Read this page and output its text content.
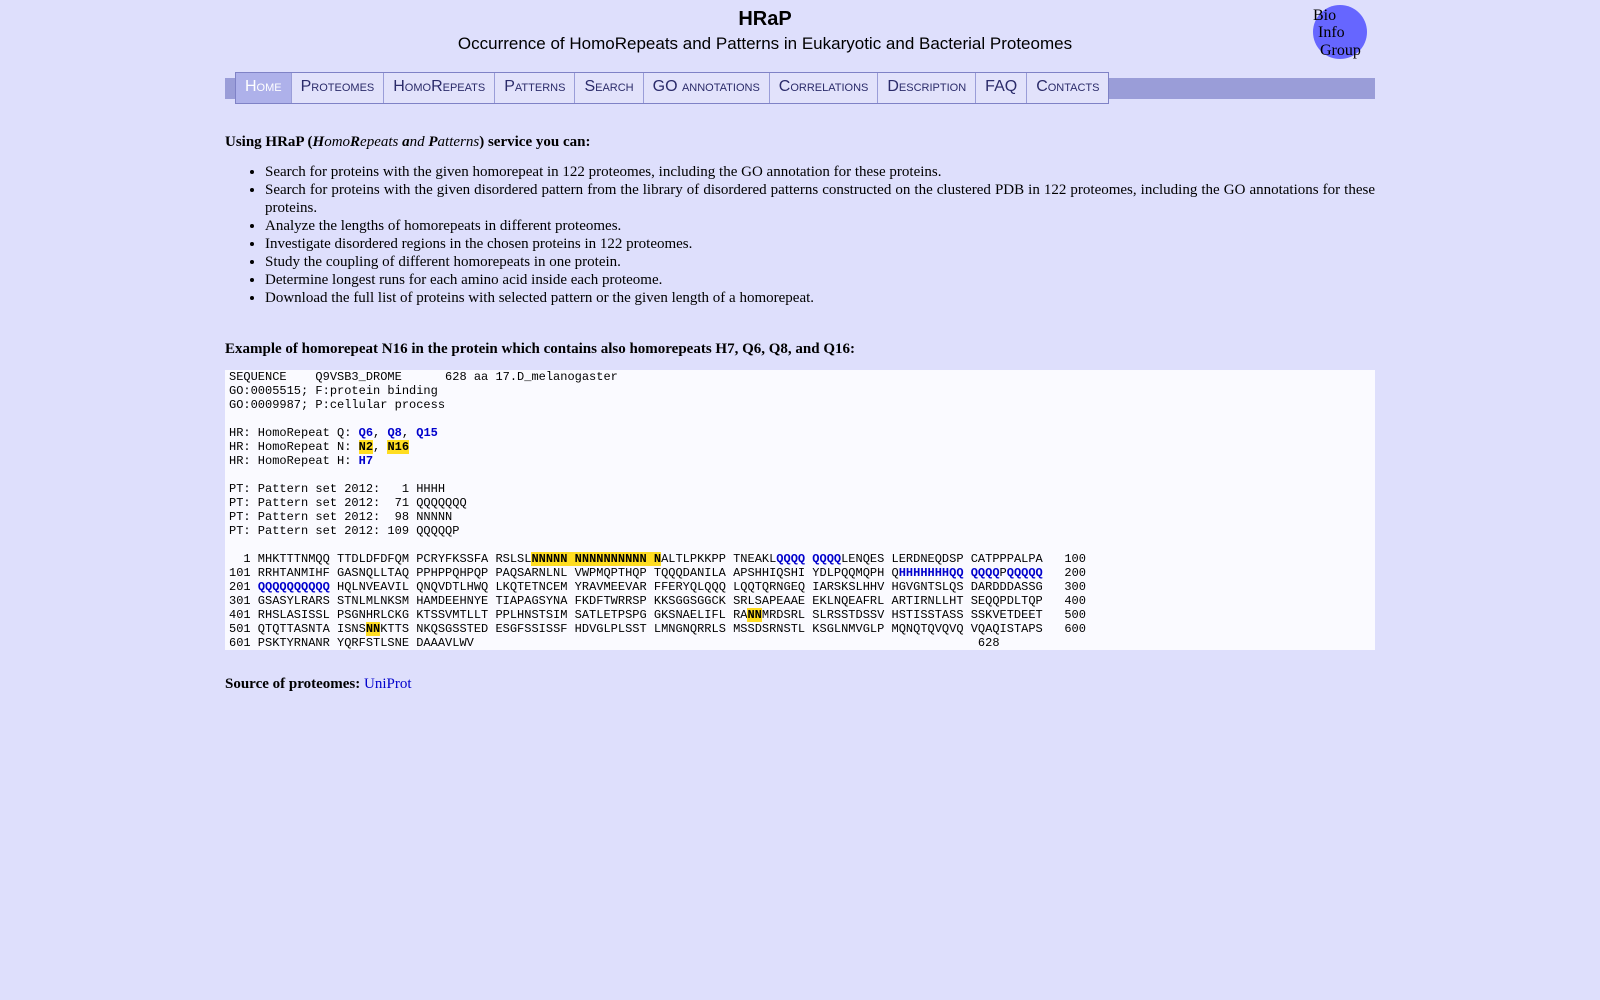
HRaP
Occurrence of HomoRepeats and Patterns in Eukaryotic and Bacterial Proteomes
Bio
Info
Group
Home	Proteomes	HomoRepeats	Patterns	Search	GO annotations	Correlations	Description	FAQ	Contacts
Using HRaP (HomoRepeats and Patterns) service you can:
• Search for proteins with the given homorepeat in 122 proteomes, including the GO annotation for these proteins.
• Search for proteins with the given disordered pattern from the library of disordered patterns constructed on the clustered PDB in 122 proteomes, including the GO annotations for these proteins.
• Analyze the lengths of homorepeats in different proteomes.
• Investigate disordered regions in the chosen proteins in 122 proteomes.
• Study the coupling of different homorepeats in one protein.
• Determine longest runs for each amino acid inside each proteome.
• Download the full list of proteins with selected pattern or the given length of a homorepeat.
Example of homorepeat N16 in the protein which contains also homorepeats H7, Q6, Q8, and Q16:
SEQUENCE    Q9VSB3_DROME      628 aa 17.D_melanogaster
GO:0005515; F:protein binding
GO:0009987; P:cellular process

HR: HomoRepeat Q: Q6, Q8, Q15
HR: HomoRepeat N: N2, N16
HR: HomoRepeat H: H7

PT: Pattern set 2012:   1 HHHH
PT: Pattern set 2012:  71 QQQQQQQ
PT: Pattern set 2012:  98 NNNNN
PT: Pattern set 2012: 109 QQQQQP

1 MHKTTTNMQQ TTDLDFDFQM PCRYFKSSFA RSLSLNNNNN NNNNNNNNNN NALTLPKKPP TNEAKLQQQQ QQQQLENQES LERDNEQDSP CATPPPALPA   100
101 RRHTANMIHF GASNQLLTAQ PPHPPQHPQP PAQSARNLNL VWPMQPTHQP TQQQDANILA APSHHIQSHI YDLPQQMQPH QHHHHHHHQQ QQQQPQQQQQ   200
201 QQQQQQQQQQ HQLNVEAVIL QNQVDTLHWQ LKQTETNCEM YRAVMEEVAR FFERYQLQQQ LQQTQRNGEQ IARSKSLHHV HGVGNTSLQS DARDDDASSG   300
301 GSASYLRARS STNLMLNKSM HAMDEEHNYE TIAPAGSYNA FKDFTWRRSP KKSGGSGGCK SRLSAPEAAE EKLNQEAFRL ARTIRNLLHT SEQQPDLTQP   400
401 RHSLASISSL PSGNHRLCKG KTSSVMTLLT PPLHNSTSIM SATLETPSPG GKSNAELIFL RANNMRDSRL SLRSSTDSSV HSTISSTASS SSKVETDEET   500
501 QTQTTASNTA ISNSNNKTTS NKQSGSSTED ESGFSSISSF HDVGLPLSST LMNGNQRRLS MSSDSRNSTL KSGLNMVGLP MQNQTQVQVQ VQAQISTAPS   600
601 PSKTYRNANR YQRFSTLSNE DAAAVLWV                                                                      628
Source of proteomes: UniProt
